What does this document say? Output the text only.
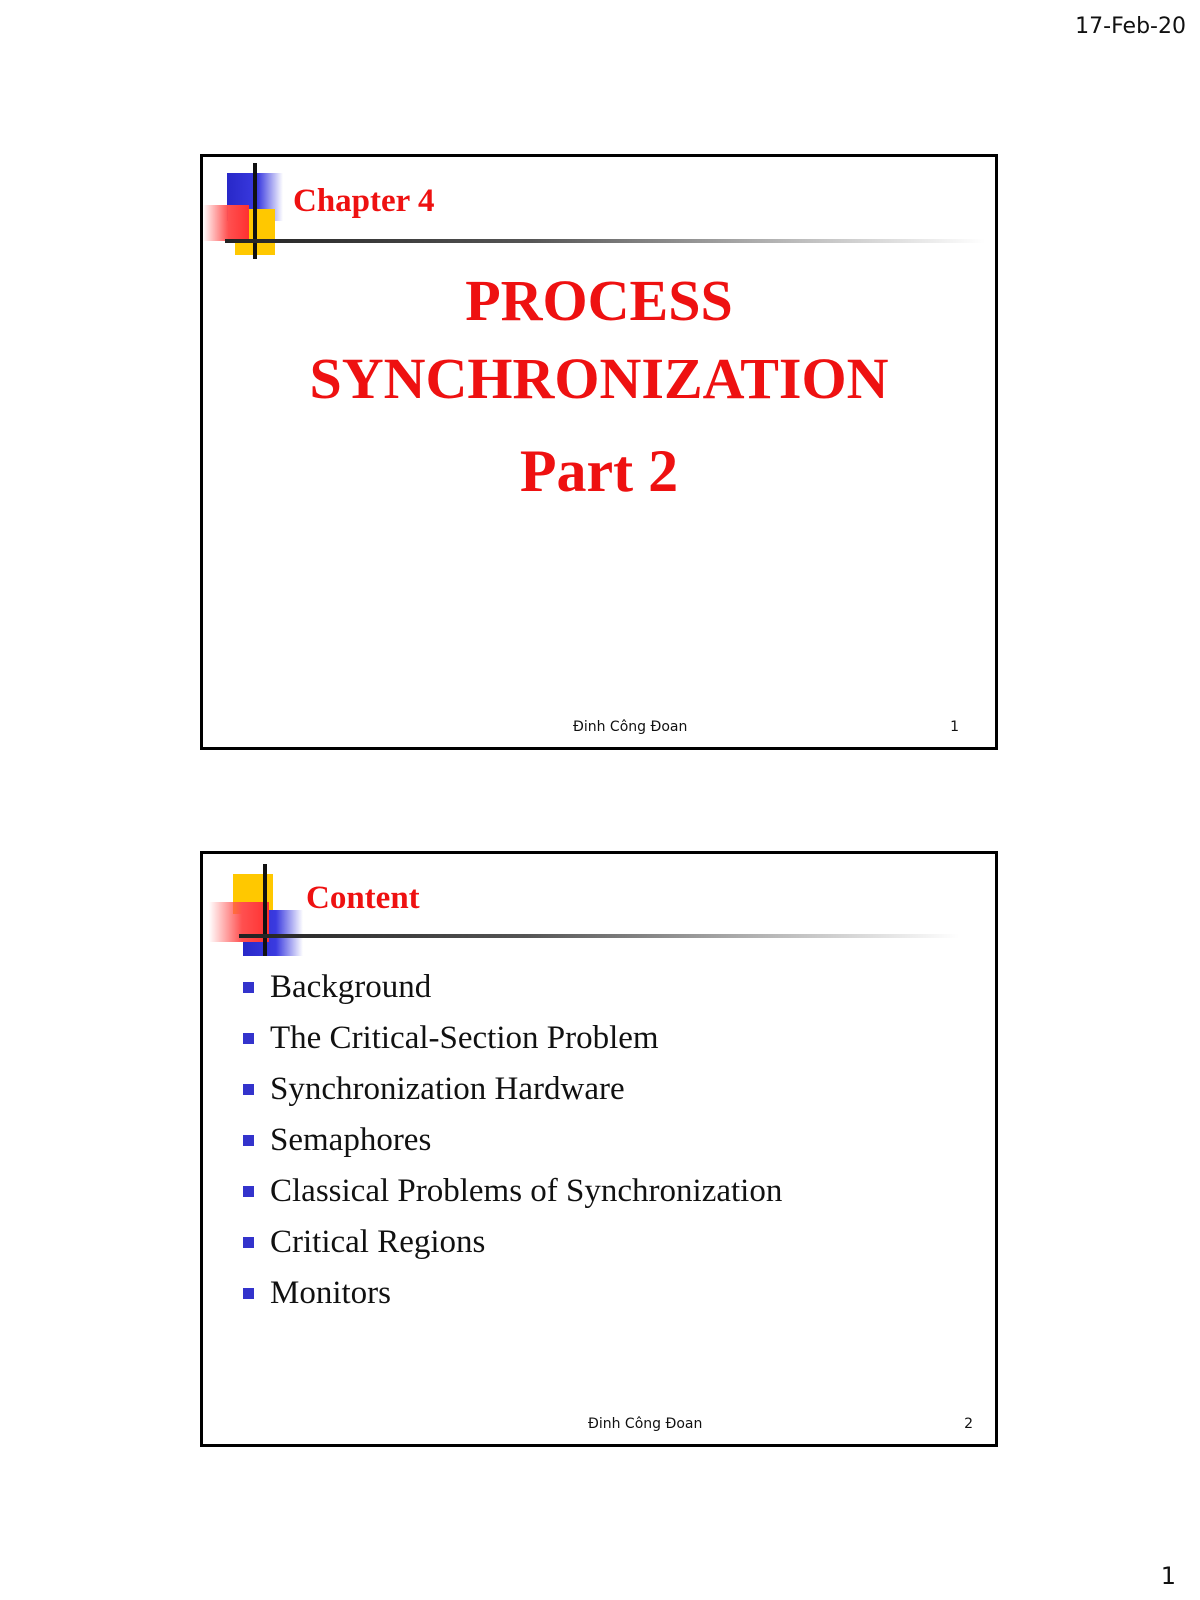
17-Feb-20
Chapter 4
PROCESS
SYNCHRONIZATION
Part 2
Đinh Công Đoan	1
Content
Background
The Critical-Section Problem
Synchronization Hardware
Semaphores
Classical Problems of Synchronization
Critical Regions
Monitors
Đinh Công Đoan	2
1
